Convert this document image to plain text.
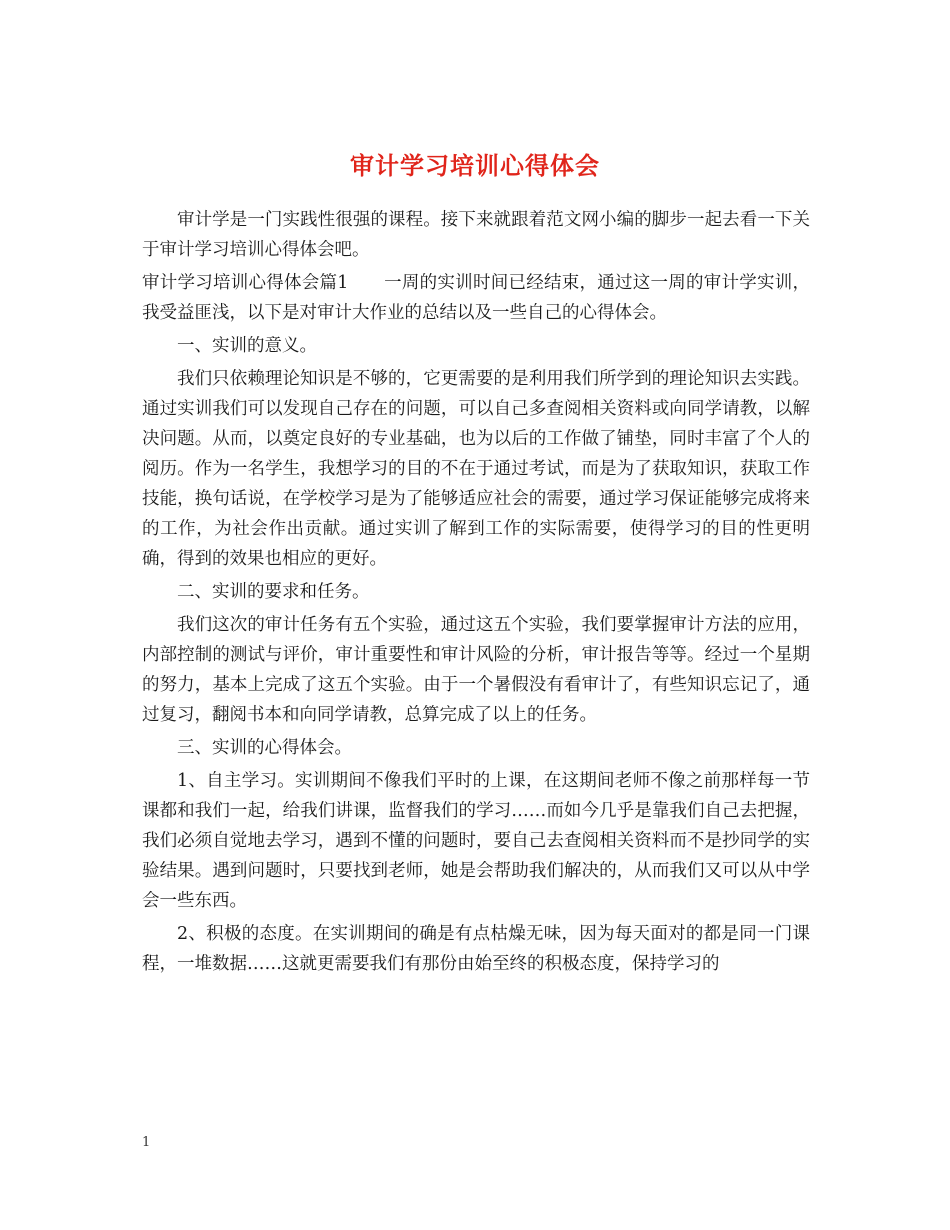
审计学习培训心得体会

审计学是一门实践性很强的课程。接下来就跟着范文网小编的脚步一起去看一下关于审计学习培训心得体会吧。

审计学习培训心得体会篇1　　一周的实训时间已经结束，通过这一周的审计学实训，我受益匪浅，以下是对审计大作业的总结以及一些自己的心得体会。

一、实训的意义。

我们只依赖理论知识是不够的，它更需要的是利用我们所学到的理论知识去实践。通过实训我们可以发现自己存在的问题，可以自己多查阅相关资料或向同学请教，以解决问题。从而，以奠定良好的专业基础，也为以后的工作做了铺垫，同时丰富了个人的阅历。作为一名学生，我想学习的目的不在于通过考试，而是为了获取知识，获取工作技能，换句话说，在学校学习是为了能够适应社会的需要，通过学习保证能够完成将来的工作，为社会作出贡献。通过实训了解到工作的实际需要，使得学习的目的性更明确，得到的效果也相应的更好。

二、实训的要求和任务。

我们这次的审计任务有五个实验，通过这五个实验，我们要掌握审计方法的应用，内部控制的测试与评价，审计重要性和审计风险的分析，审计报告等等。经过一个星期的努力，基本上完成了这五个实验。由于一个暑假没有看审计了，有些知识忘记了，通过复习，翻阅书本和向同学请教，总算完成了以上的任务。

三、实训的心得体会。

1、自主学习。实训期间不像我们平时的上课，在这期间老师不像之前那样每一节课都和我们一起，给我们讲课，监督我们的学习……而如今几乎是靠我们自己去把握，我们必须自觉地去学习，遇到不懂的问题时，要自己去查阅相关资料而不是抄同学的实验结果。遇到问题时，只要找到老师，她是会帮助我们解决的，从而我们又可以从中学会一些东西。

2、积极的态度。在实训期间的确是有点枯燥无味，因为每天面对的都是同一门课程，一堆数据……这就更需要我们有那份由始至终的积极态度，保持学习的

1
